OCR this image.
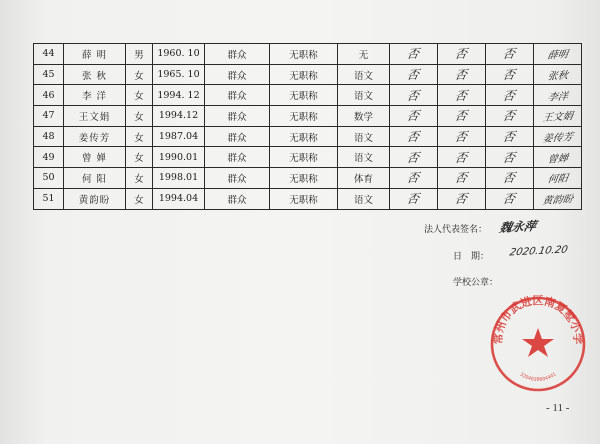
44	薛 明	男	1960. 10	群众	无职称	无	否	否	否	薛明
45	张 秋	女	1965. 10	群众	无职称	语文	否	否	否	张秋
46	李 洋	女	1994. 12	群众	无职称	语文	否	否	否	李洋
47	王文娟	女	1994.12	群众	无职称	数学	否	否	否	王文娟
48	姜传芳	女	1987.04	群众	无职称	语文	否	否	否	姜传芳
49	曾 婵	女	1990.01	群众	无职称	语文	否	否	否	曾婵
50	何 阳	女	1998.01	群众	无职称	体育	否	否	否	何阳
51	黄韵盼	女	1994.04	群众	无职称	语文	否	否	否	黄韵盼
法人代表签名： 魏永萍
日　期： 2020.10.20
学校公章：
常州市武进区南夏墅小学
3204030004441
- 11 -
